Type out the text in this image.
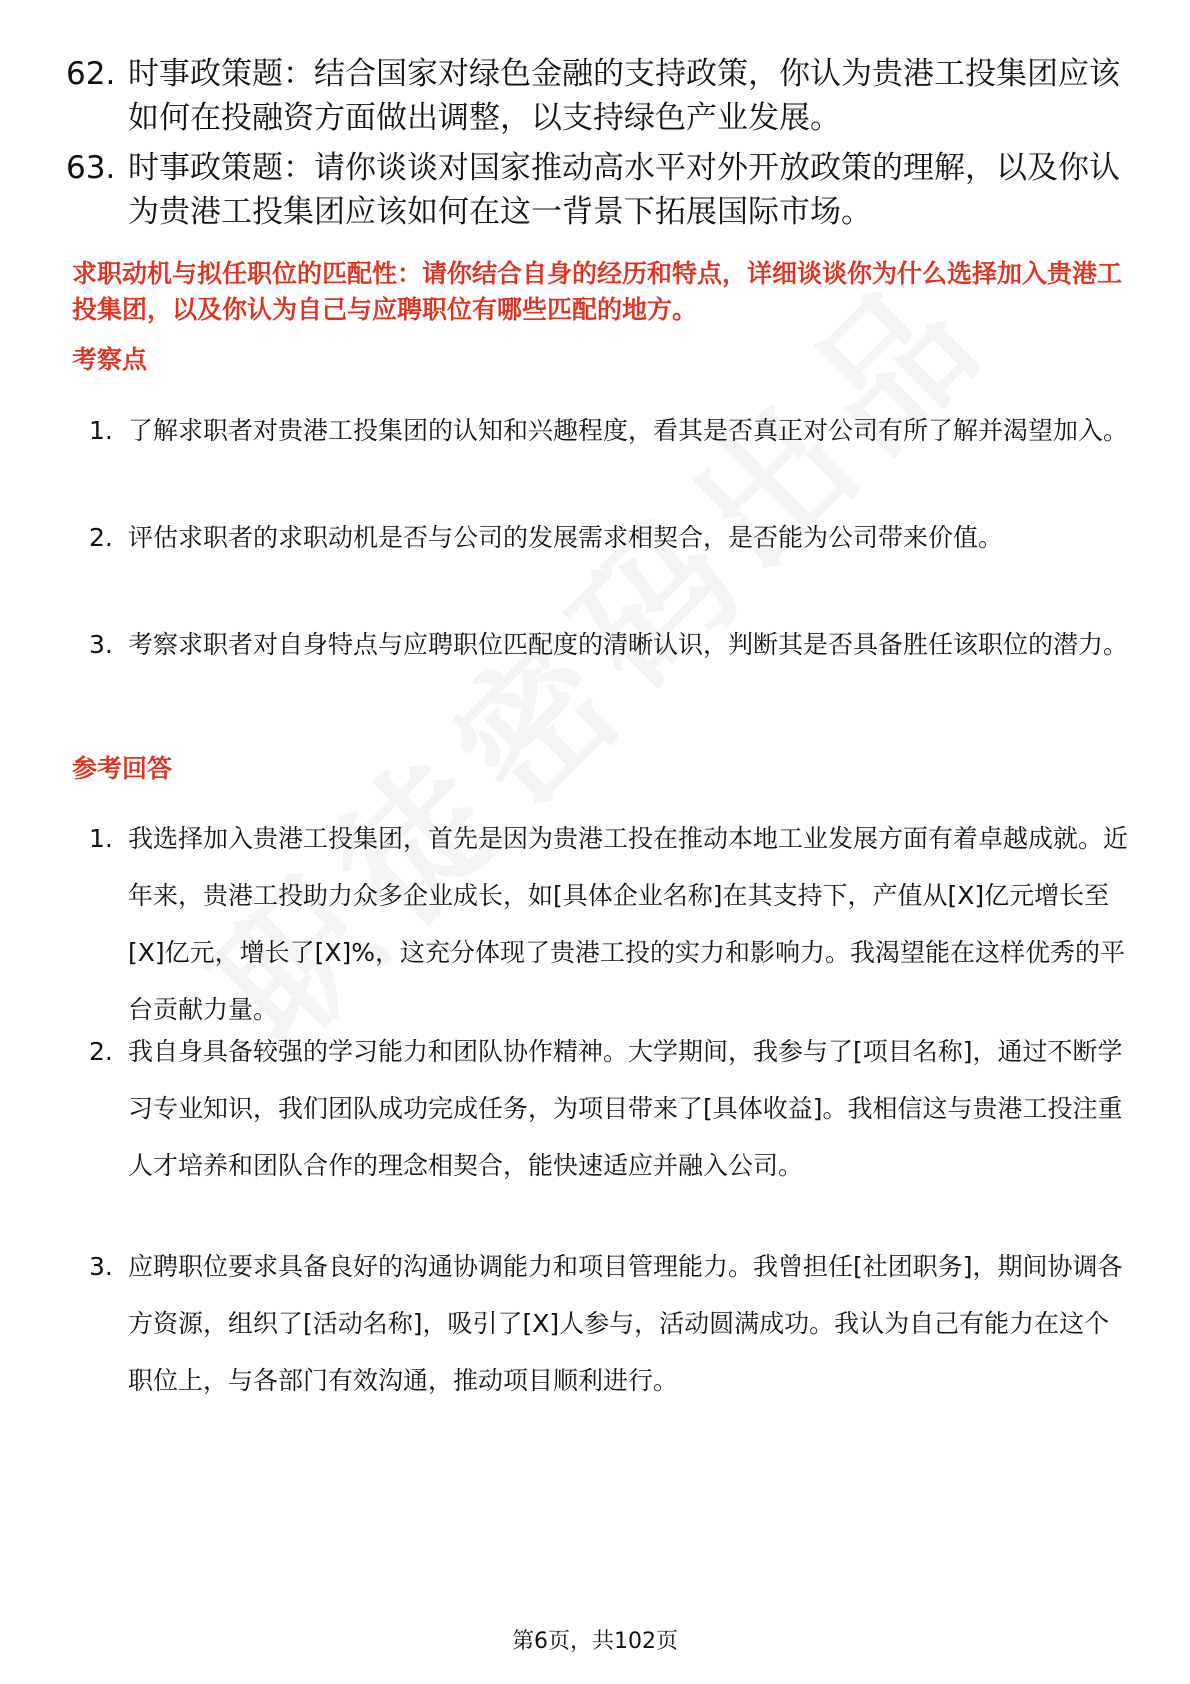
62. 时事政策题：结合国家对绿色金融的支持政策，你认为贵港工投集团应该如何在投融资方面做出调整，以支持绿色产业发展。
63. 时事政策题：请你谈谈对国家推动高水平对外开放政策的理解，以及你认为贵港工投集团应该如何在这一背景下拓展国际市场。
求职动机与拟任职位的匹配性：请你结合自身的经历和特点，详细谈谈你为什么选择加入贵港工投集团，以及你认为自己与应聘职位有哪些匹配的地方。
考察点
1. 了解求职者对贵港工投集团的认知和兴趣程度，看其是否真正对公司有所了解并渴望加入。
2. 评估求职者的求职动机是否与公司的发展需求相契合，是否能为公司带来价值。
3. 考察求职者对自身特点与应聘职位匹配度的清晰认识，判断其是否具备胜任该职位的潜力。
参考回答
1. 我选择加入贵港工投集团，首先是因为贵港工投在推动本地工业发展方面有着卓越成就。近年来，贵港工投助力众多企业成长，如[具体企业名称]在其支持下，产值从[X]亿元增长至[X]亿元，增长了[X]%，这充分体现了贵港工投的实力和影响力。我渴望能在这样优秀的平台贡献力量。
2. 我自身具备较强的学习能力和团队协作精神。大学期间，我参与了[项目名称]，通过不断学习专业知识，我们团队成功完成任务，为项目带来了[具体收益]。我相信这与贵港工投注重人才培养和团队合作的理念相契合，能快速适应并融入公司。
3. 应聘职位要求具备良好的沟通协调能力和项目管理能力。我曾担任[社团职务]，期间协调各方资源，组织了[活动名称]，吸引了[X]人参与，活动圆满成功。我认为自己有能力在这个职位上，与各部门有效沟通，推动项目顺利进行。
第6页，共102页
